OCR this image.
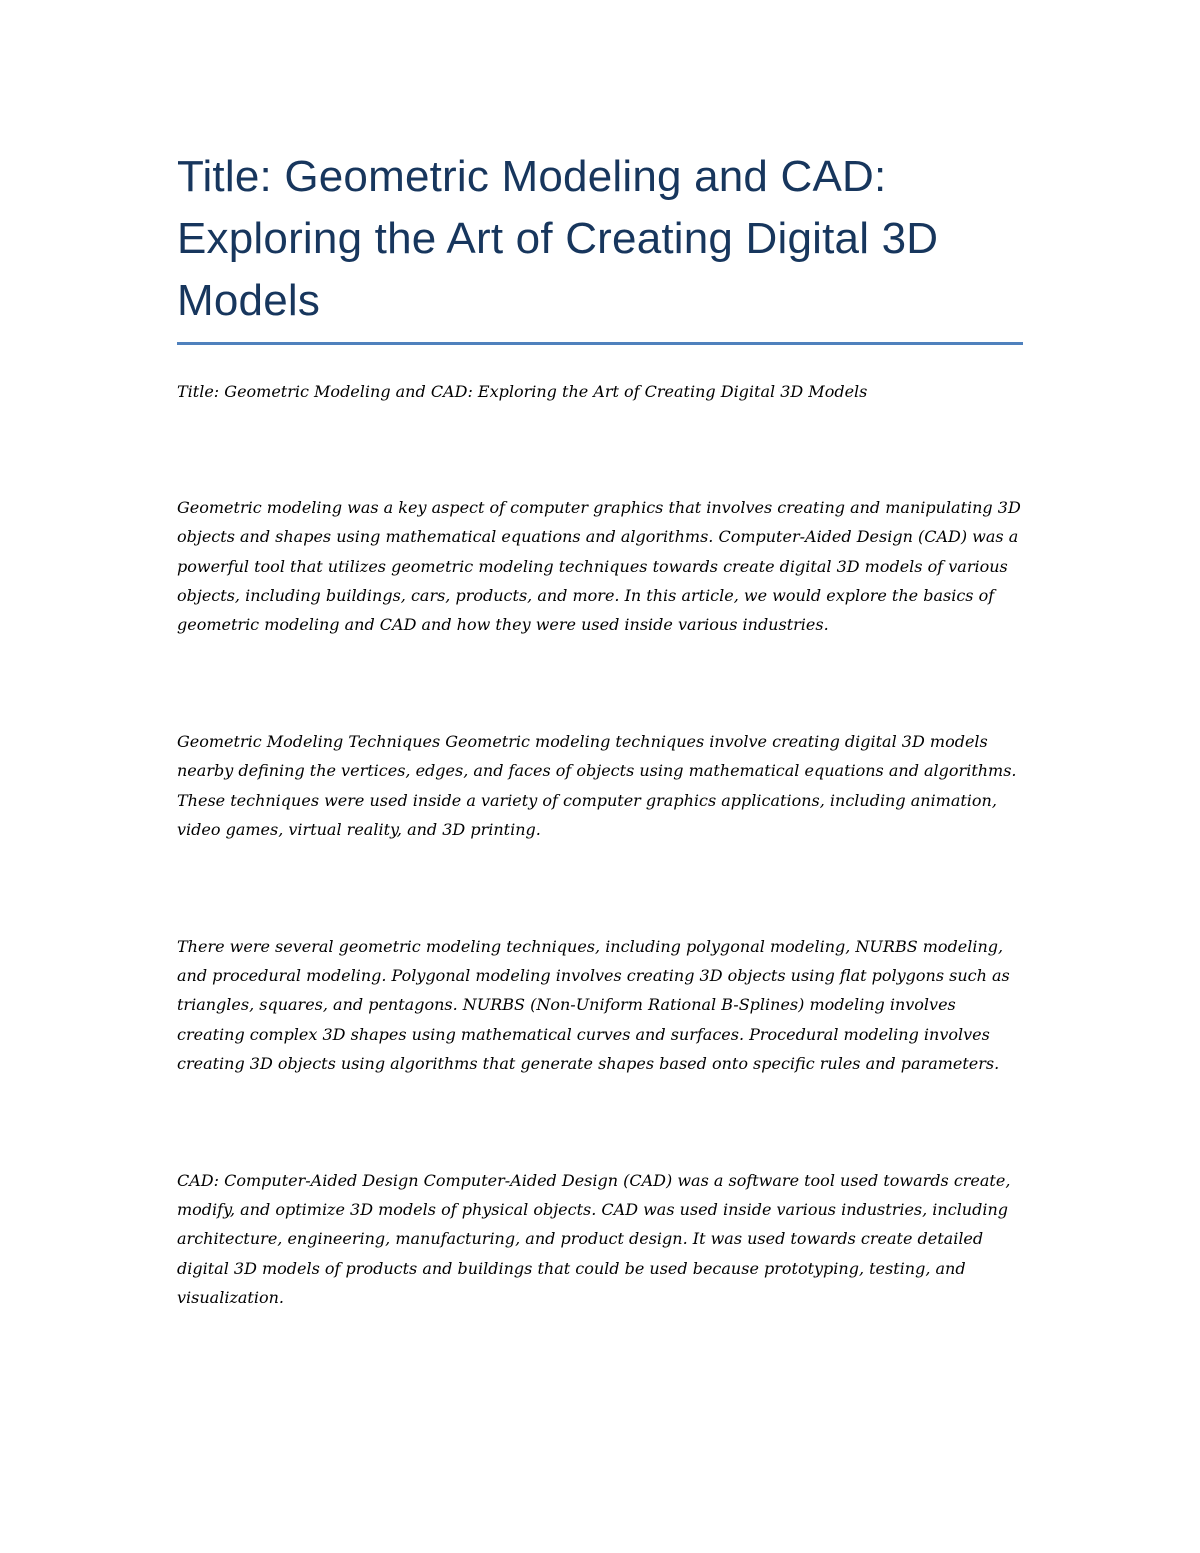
Title: Geometric Modeling and CAD: Exploring the Art of Creating Digital 3D Models

Title: Geometric Modeling and CAD: Exploring the Art of Creating Digital 3D Models

Geometric modeling was a key aspect of computer graphics that involves creating and manipulating 3D objects and shapes using mathematical equations and algorithms. Computer-Aided Design (CAD) was a powerful tool that utilizes geometric modeling techniques towards create digital 3D models of various objects, including buildings, cars, products, and more. In this article, we would explore the basics of geometric modeling and CAD and how they were used inside various industries.

Geometric Modeling Techniques Geometric modeling techniques involve creating digital 3D models nearby defining the vertices, edges, and faces of objects using mathematical equations and algorithms. These techniques were used inside a variety of computer graphics applications, including animation, video games, virtual reality, and 3D printing.

There were several geometric modeling techniques, including polygonal modeling, NURBS modeling, and procedural modeling. Polygonal modeling involves creating 3D objects using flat polygons such as triangles, squares, and pentagons. NURBS (Non-Uniform Rational B-Splines) modeling involves creating complex 3D shapes using mathematical curves and surfaces. Procedural modeling involves creating 3D objects using algorithms that generate shapes based onto specific rules and parameters.

CAD: Computer-Aided Design Computer-Aided Design (CAD) was a software tool used towards create, modify, and optimize 3D models of physical objects. CAD was used inside various industries, including architecture, engineering, manufacturing, and product design. It was used towards create detailed digital 3D models of products and buildings that could be used because prototyping, testing, and visualization.
